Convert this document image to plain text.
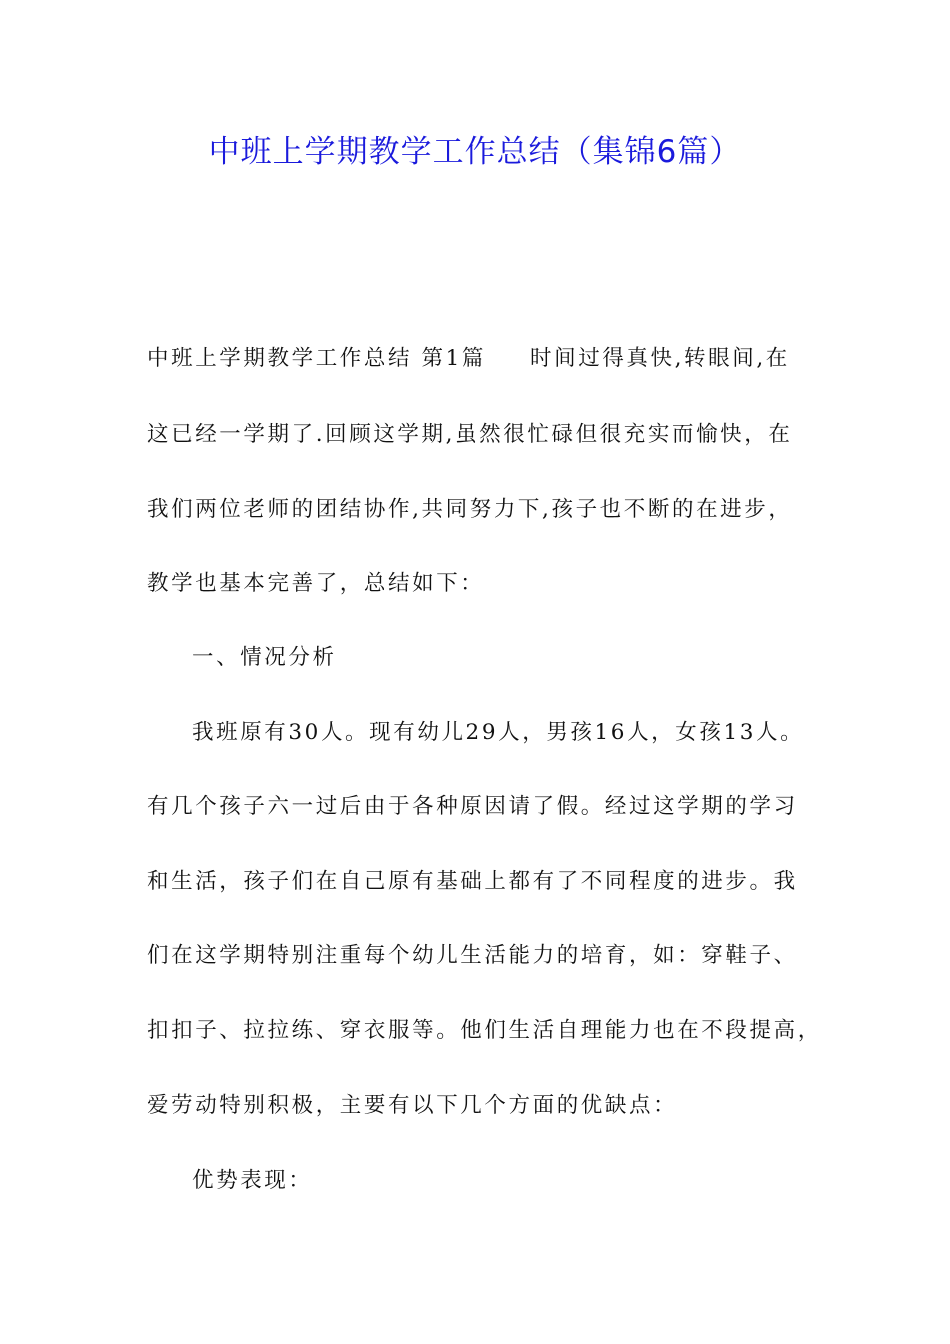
中班上学期教学工作总结（集锦6篇）

中班上学期教学工作总结 第1篇 时间过得真快,转眼间,在

这已经一学期了.回顾这学期,虽然很忙碌但很充实而愉快，在

我们两位老师的团结协作,共同努力下,孩子也不断的在进步，

教学也基本完善了，总结如下：

一、情况分析

我班原有30人。现有幼儿29人，男孩16人，女孩13人。

有几个孩子六一过后由于各种原因请了假。经过这学期的学习

和生活，孩子们在自己原有基础上都有了不同程度的进步。我

们在这学期特别注重每个幼儿生活能力的培育，如：穿鞋子、

扣扣子、拉拉练、穿衣服等。他们生活自理能力也在不段提高，

爱劳动特别积极，主要有以下几个方面的优缺点：

优势表现：
